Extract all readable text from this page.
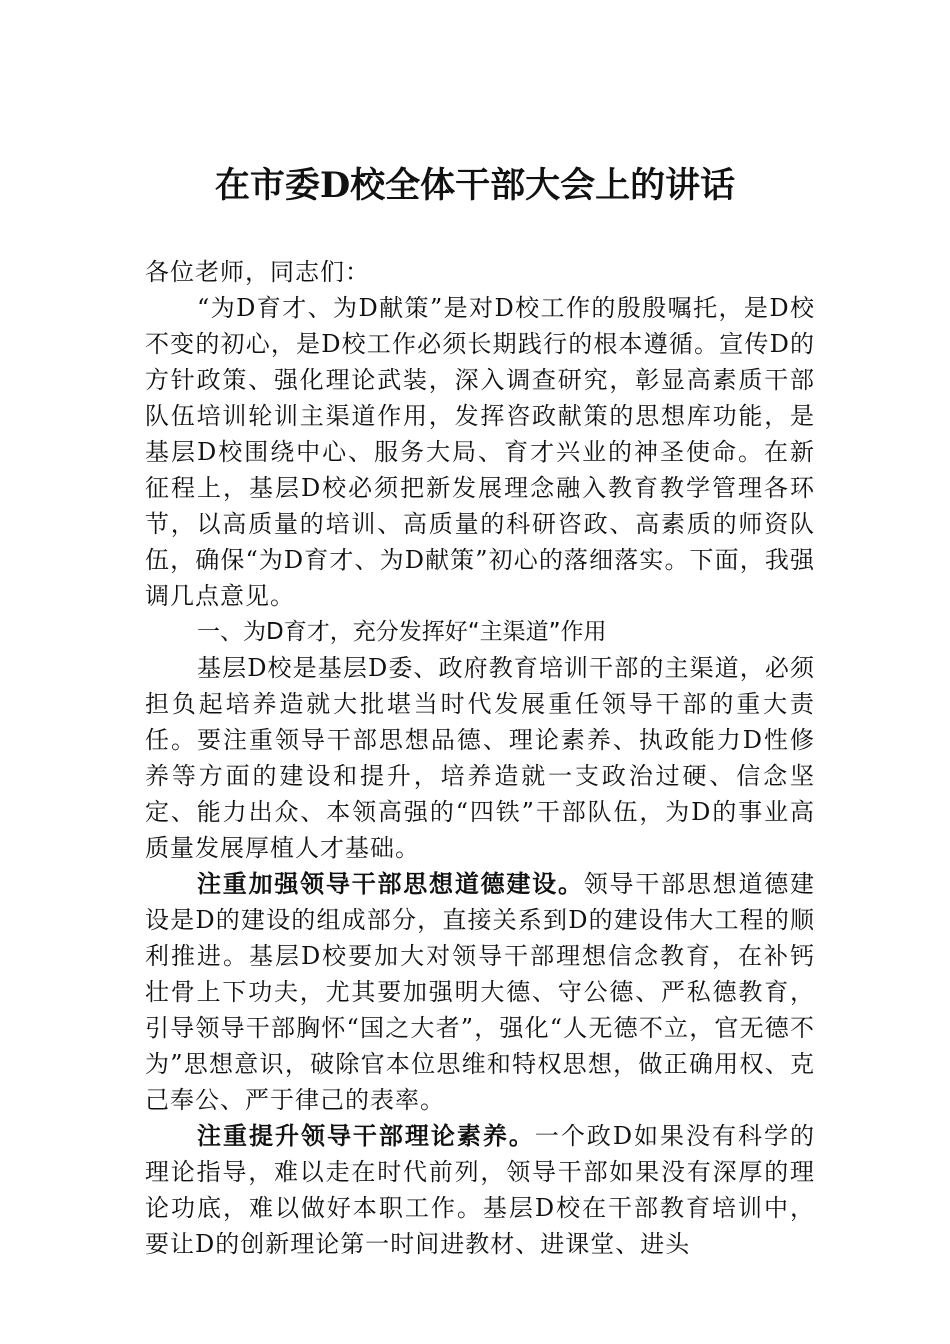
在市委D校全体干部大会上的讲话

各位老师，同志们：

“为D育才、为D献策”是对D校工作的殷殷嘱托，是D校不变的初心，是D校工作必须长期践行的根本遵循。宣传D的方针政策、强化理论武装，深入调查研究，彰显高素质干部队伍培训轮训主渠道作用，发挥咨政献策的思想库功能，是基层D校围绕中心、服务大局、育才兴业的神圣使命。在新征程上，基层D校必须把新发展理念融入教育教学管理各环节，以高质量的培训、高质量的科研咨政、高素质的师资队伍，确保“为D育才、为D献策”初心的落细落实。下面，我强调几点意见。

一、为D育才，充分发挥好“主渠道”作用

基层D校是基层D委、政府教育培训干部的主渠道，必须担负起培养造就大批堪当时代发展重任领导干部的重大责任。要注重领导干部思想品德、理论素养、执政能力D性修养等方面的建设和提升，培养造就一支政治过硬、信念坚定、能力出众、本领高强的“四铁”干部队伍，为D的事业高质量发展厚植人才基础。

注重加强领导干部思想道德建设。领导干部思想道德建设是D的建设的组成部分，直接关系到D的建设伟大工程的顺利推进。基层D校要加大对领导干部理想信念教育，在补钙壮骨上下功夫，尤其要加强明大德、守公德、严私德教育，引导领导干部胸怀“国之大者”，强化“人无德不立，官无德不为”思想意识，破除官本位思维和特权思想，做正确用权、克己奉公、严于律己的表率。

注重提升领导干部理论素养。一个政D如果没有科学的理论指导，难以走在时代前列，领导干部如果没有深厚的理论功底，难以做好本职工作。基层D校在干部教育培训中，要让D的创新理论第一时间进教材、进课堂、进头
